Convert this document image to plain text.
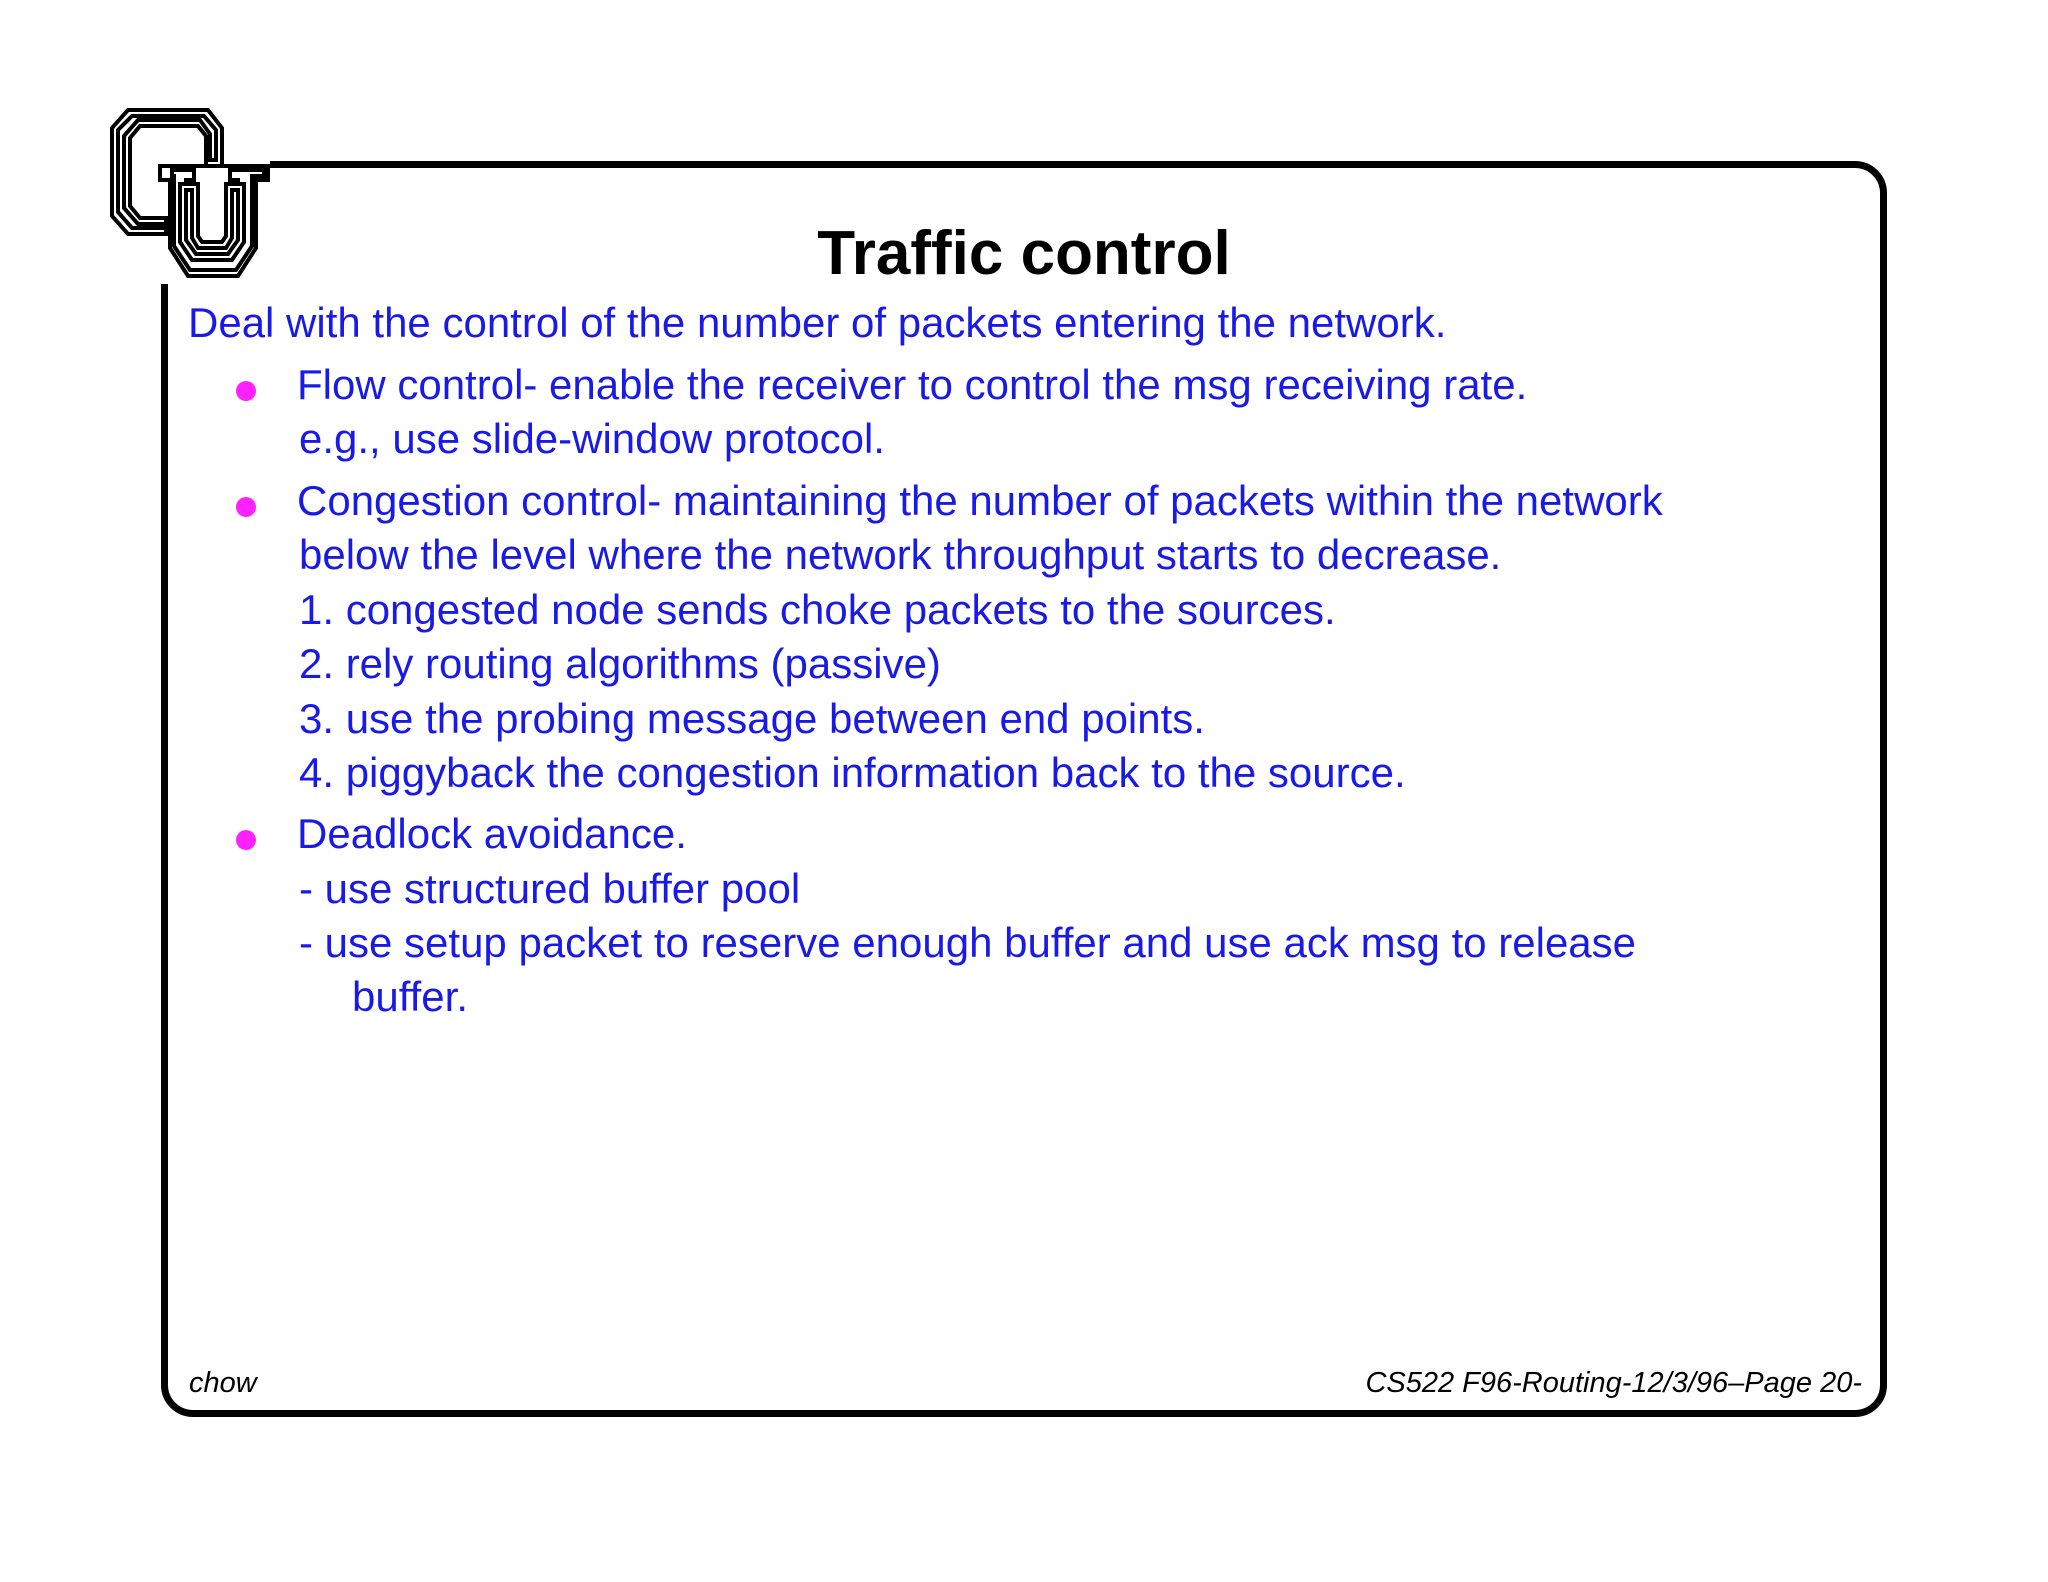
Traffic control
Deal with the control of the number of packets entering the network.
Flow control- enable the receiver to control the msg receiving rate.
e.g., use slide-window protocol.
Congestion control- maintaining the number of packets within the network
below the level where the network throughput starts to decrease.
1. congested node sends choke packets to the sources.
2. rely routing algorithms (passive)
3. use the probing message between end points.
4. piggyback the congestion information back to the source.
Deadlock avoidance.
- use structured buffer pool
- use setup packet to reserve enough buffer and use ack msg to release
buffer.
chow	CS522 F96-Routing-12/3/96–Page 20-
